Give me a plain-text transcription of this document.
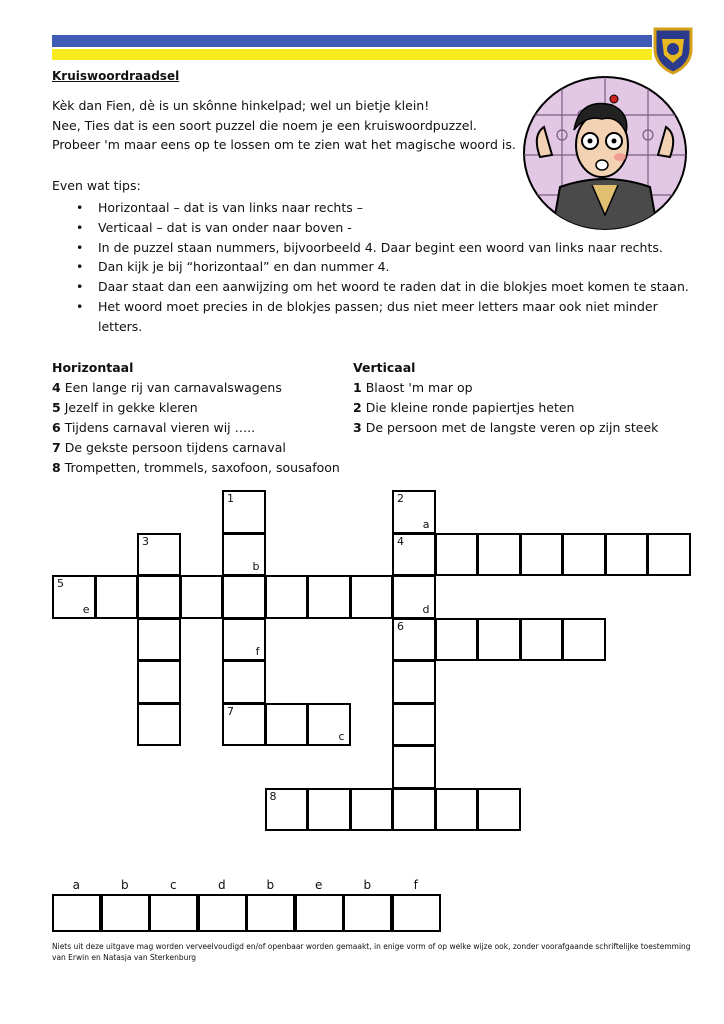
Kruiswoordraadsel
Kèk dan Fien, dè is un skônne hinkelpad; wel un bietje klein!
Nee, Ties dat is een soort puzzel die noem je een kruiswoordpuzzel.
Probeer 'm maar eens op te lossen om te zien wat het magische woord is.
Even wat tips:
• Horizontaal – dat is van links naar rechts –
• Verticaal – dat is van onder naar boven -
• In de puzzel staan nummers, bijvoorbeeld 4. Daar begint een woord van links naar rechts.
• Dan kijk je bij “horizontaal” en dan nummer 4.
• Daar staat dan een aanwijzing om het woord te raden dat in die blokjes moet komen te staan.
• Het woord moet precies in de blokjes passen; dus niet meer letters maar ook niet minder letters.
Horizontaal
4 Een lange rij van carnavalswagens
5 Jezelf in gekke kleren
6 Tijdens carnaval vieren wij …..
7 De gekste persoon tijdens carnaval
8 Trompetten, trommels, saxofoon, sousafoon
Verticaal
1 Blaost 'm mar op
2 Die kleine ronde papiertjes heten
3 De persoon met de langste veren op zijn steek
1	2
a
3
b
4
5
e	d
f
6
7
c
8
a	b	c	d	b	e	b	f
Niets uit deze uitgave mag worden verveelvoudigd en/of openbaar worden gemaakt, in enige vorm of op welke wijze ook, zonder voorafgaande schriftelijke toestemming van Erwin en Natasja van Sterkenburg
